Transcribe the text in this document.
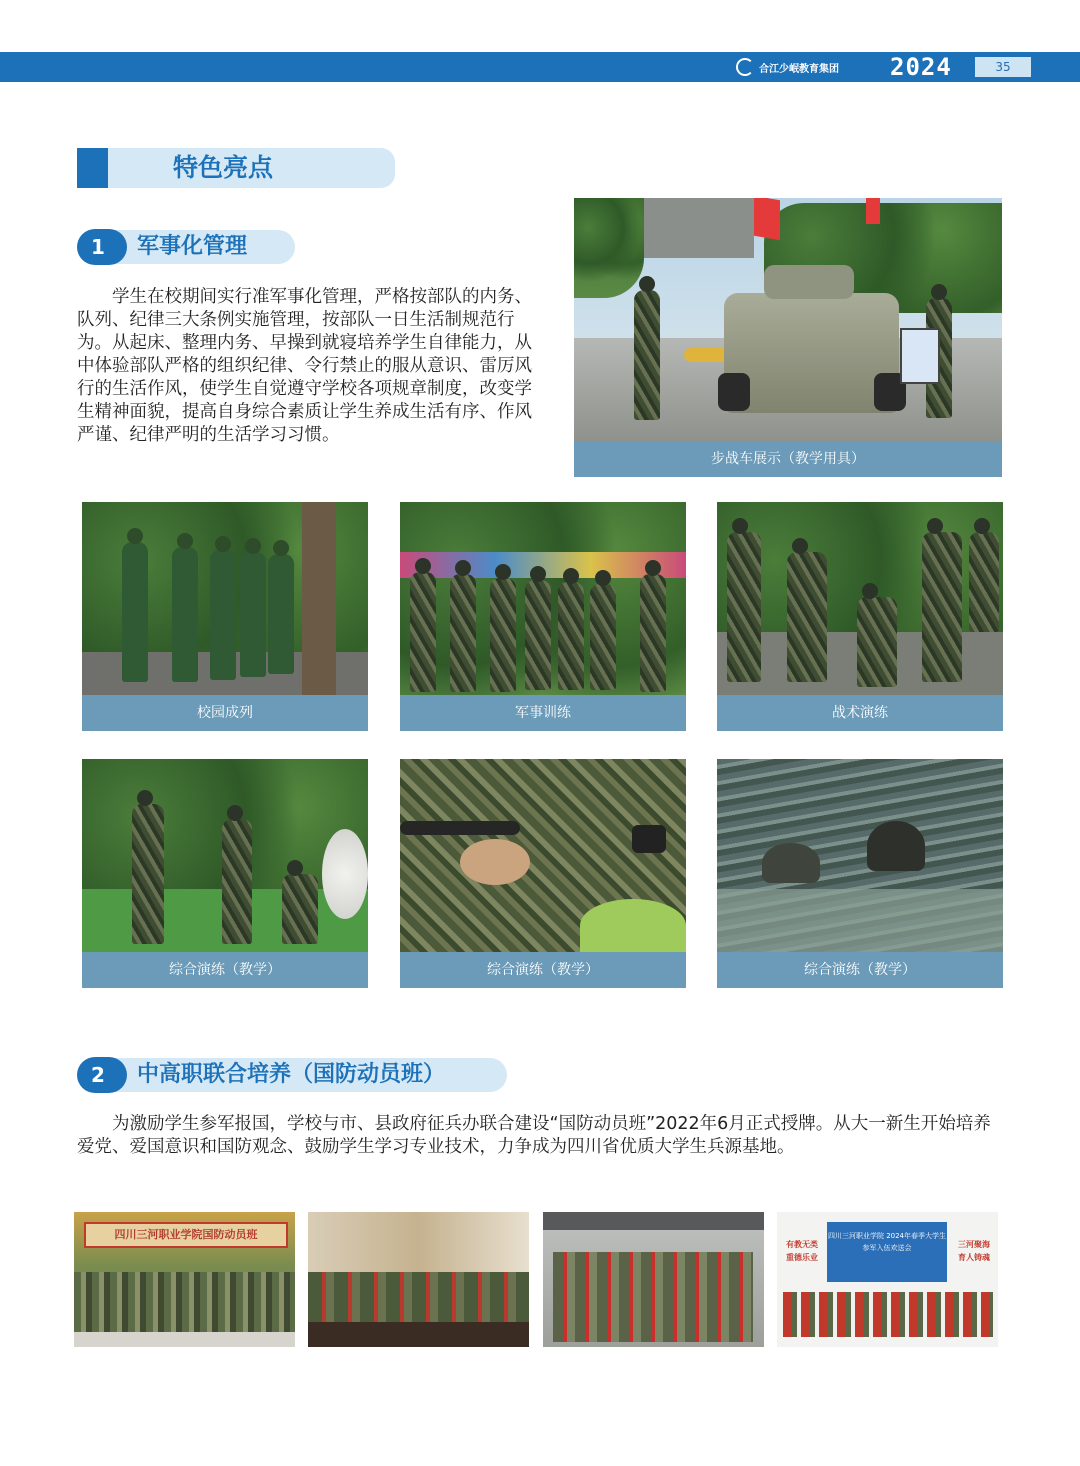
合江少岷教育集团 2024	35
特色亮点
1	军事化管理
学生在校期间实行准军事化管理，严格按部队的内务、队列、纪律三大条例实施管理，按部队一日生活制规范行为。从起床、整理内务、早操到就寝培养学生自律能力，从中体验部队严格的组织纪律、令行禁止的服从意识、雷厉风行的生活作风，使学生自觉遵守学校各项规章制度，改变学生精神面貌，提高自身综合素质让学生养成生活有序、作风严谨、纪律严明的生活学习习惯。
步战车展示（教学用具）
校园成列	军事训练	战术演练
综合演练（教学）	综合演练（教学）	综合演练（教学）
2	中高职联合培养（国防动员班）
为激励学生参军报国，学校与市、县政府征兵办联合建设“国防动员班”2022年6月正式授牌。从大一新生开始培养爱党、爱国意识和国防观念、鼓励学生学习专业技术，力争成为四川省优质大学生兵源基地。
四川三河职业学院国防动员班
有教无类 重德乐业
四川三河职业学院 2024年春季大学生参军入伍欢送会	三河聚海 育人铸魂
